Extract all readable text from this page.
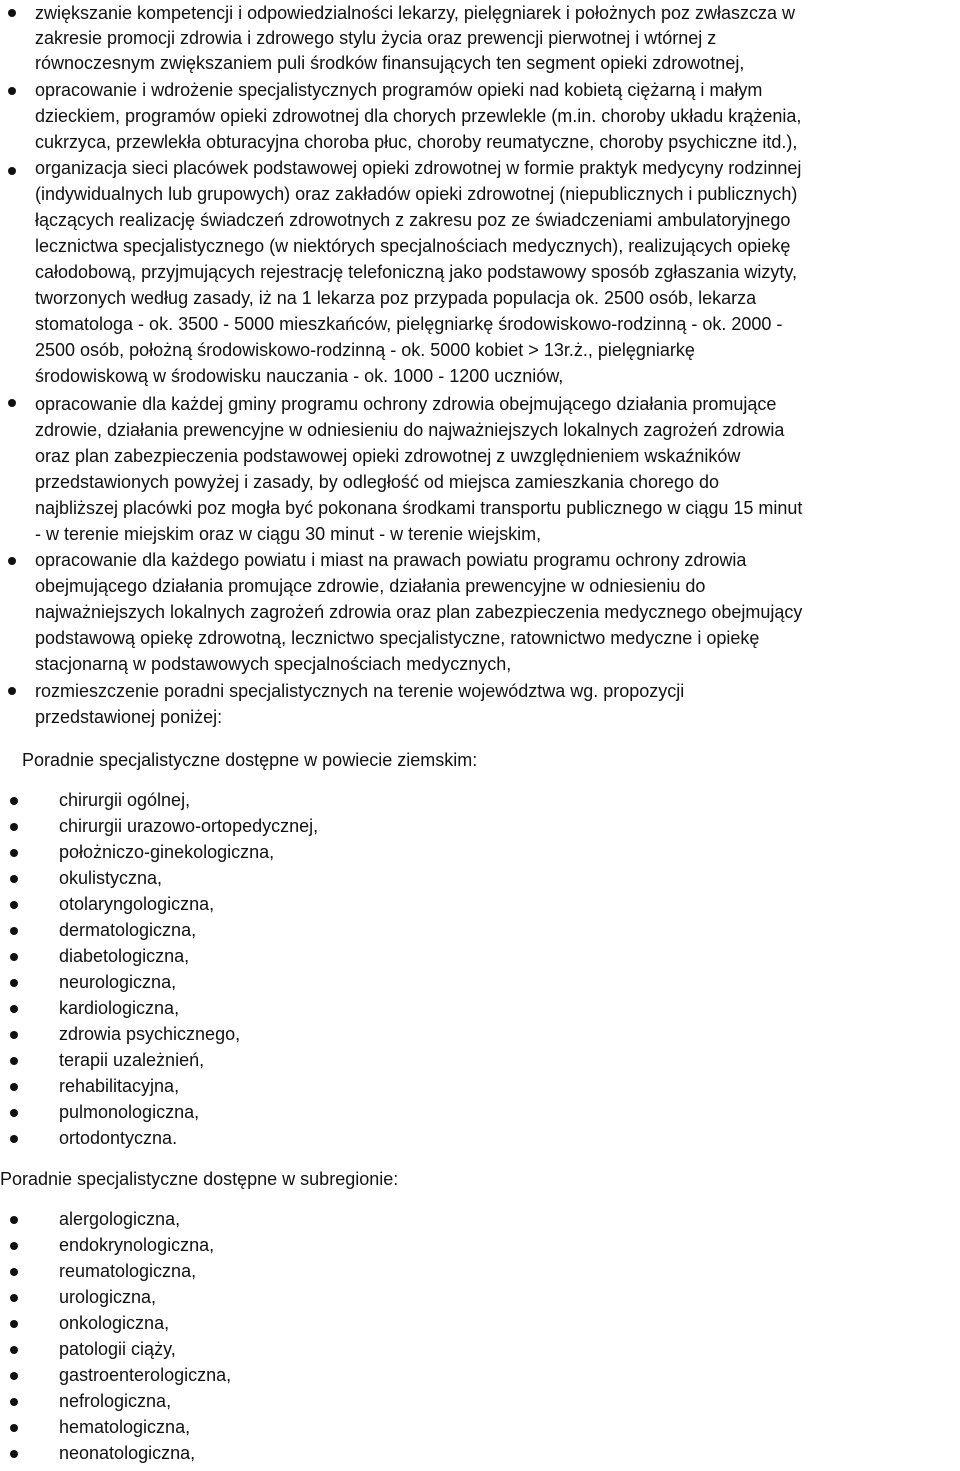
zwiększanie kompetencji i odpowiedzialności lekarzy, pielęgniarek i położnych poz zwłaszcza w
zakresie promocji zdrowia i zdrowego stylu życia oraz prewencji pierwotnej i wtórnej z
równoczesnym zwiększaniem puli środków finansujących ten segment opieki zdrowotnej,
opracowanie i wdrożenie specjalistycznych programów opieki nad kobietą ciężarną i małym
dzieckiem, programów opieki zdrowotnej dla chorych przewlekle (m.in. choroby układu krążenia,
cukrzyca, przewlekła obturacyjna choroba płuc, choroby reumatyczne, choroby psychiczne itd.),
organizacja sieci placówek podstawowej opieki zdrowotnej w formie praktyk medycyny rodzinnej
(indywidualnych lub grupowych) oraz zakładów opieki zdrowotnej (niepublicznych i publicznych)
łączących realizację świadczeń zdrowotnych z zakresu poz ze świadczeniami ambulatoryjnego
lecznictwa specjalistycznego (w niektórych specjalnościach medycznych), realizujących opiekę
całodobową, przyjmujących rejestrację telefoniczną jako podstawowy sposób zgłaszania wizyty,
tworzonych według zasady, iż na 1 lekarza poz przypada populacja ok. 2500 osób, lekarza
stomatologa - ok. 3500 - 5000 mieszkańców, pielęgniarkę środowiskowo-rodzinną - ok. 2000 -
2500 osób, położną środowiskowo-rodzinną - ok. 5000 kobiet > 13r.ż., pielęgniarkę
środowiskową w środowisku nauczania - ok. 1000 - 1200 uczniów,
opracowanie dla każdej gminy programu ochrony zdrowia obejmującego działania promujące
zdrowie, działania prewencyjne w odniesieniu do najważniejszych lokalnych zagrożeń zdrowia
oraz plan zabezpieczenia podstawowej opieki zdrowotnej z uwzględnieniem wskaźników
przedstawionych powyżej i zasady, by odległość od miejsca zamieszkania chorego do
najbliższej placówki poz mogła być pokonana środkami transportu publicznego w ciągu 15 minut
- w terenie miejskim oraz w ciągu 30 minut - w terenie wiejskim,
opracowanie dla każdego powiatu i miast na prawach powiatu programu ochrony zdrowia
obejmującego działania promujące zdrowie, działania prewencyjne w odniesieniu do
najważniejszych lokalnych zagrożeń zdrowia oraz plan zabezpieczenia medycznego obejmujący
podstawową opiekę zdrowotną, lecznictwo specjalistyczne, ratownictwo medyczne i opiekę
stacjonarną w podstawowych specjalnościach medycznych,
rozmieszczenie poradni specjalistycznych na terenie województwa wg. propozycji
przedstawionej poniżej:
Poradnie specjalistyczne dostępne w powiecie ziemskim:
chirurgii ogólnej,
chirurgii urazowo-ortopedycznej,
położniczo-ginekologiczna,
okulistyczna,
otolaryngologiczna,
dermatologiczna,
diabetologiczna,
neurologiczna,
kardiologiczna,
zdrowia psychicznego,
terapii uzależnień,
rehabilitacyjna,
pulmonologiczna,
ortodontyczna.
Poradnie specjalistyczne dostępne w subregionie:
alergologiczna,
endokrynologiczna,
reumatologiczna,
urologiczna,
onkologiczna,
patologii ciąży,
gastroenterologiczna,
nefrologiczna,
hematologiczna,
neonatologiczna,
